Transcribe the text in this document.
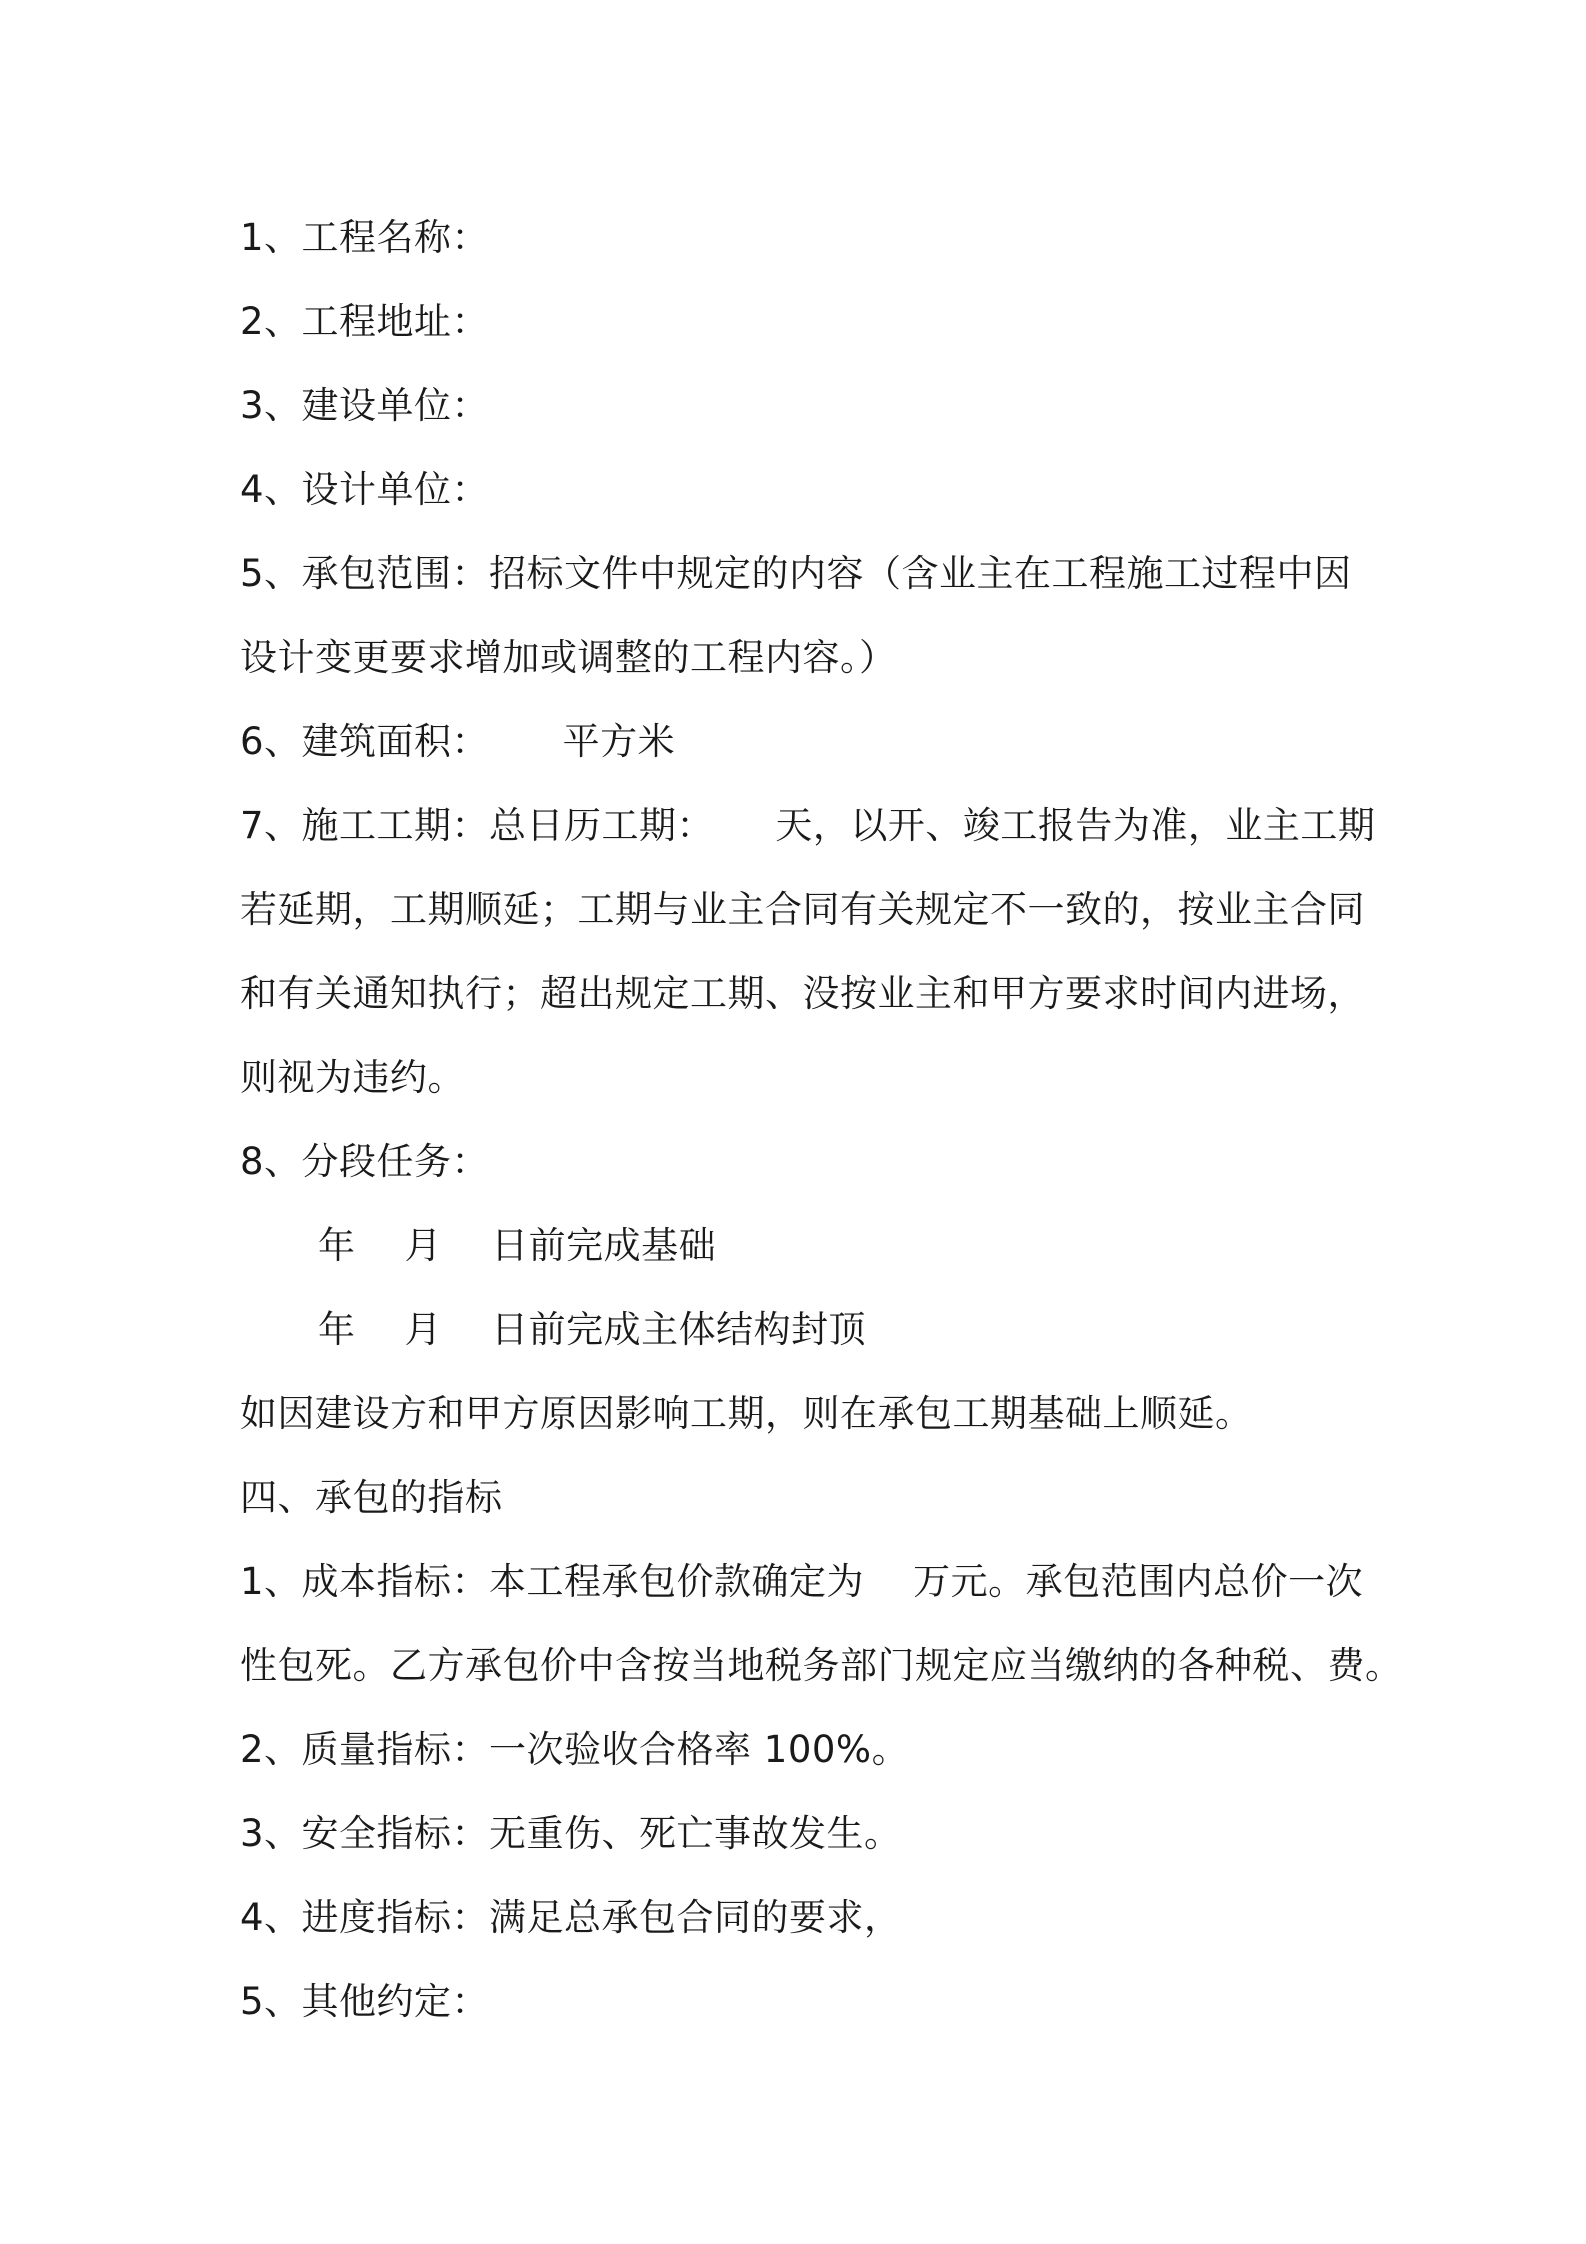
1、工程名称：
2、工程地址：
3、建设单位：
4、设计单位：
5、承包范围：招标文件中规定的内容（含业主在工程施工过程中因
设计变更要求增加或调整的工程内容。）
6、建筑面积：      平方米
7、施工工期：总日历工期：     天，以开、竣工报告为准，业主工期
若延期，工期顺延；工期与业主合同有关规定不一致的，按业主合同
和有关通知执行；超出规定工期、没按业主和甲方要求时间内进场，
则视为违约。
8、分段任务：
年    月    日前完成基础
年    月    日前完成主体结构封顶
如因建设方和甲方原因影响工期，则在承包工期基础上顺延。
四、承包的指标
1、成本指标：本工程承包价款确定为    万元。承包范围内总价一次
性包死。乙方承包价中含按当地税务部门规定应当缴纳的各种税、费。
2、质量指标：一次验收合格率 100%。
3、安全指标：无重伤、死亡事故发生。
4、进度指标：满足总承包合同的要求，
5、其他约定：
